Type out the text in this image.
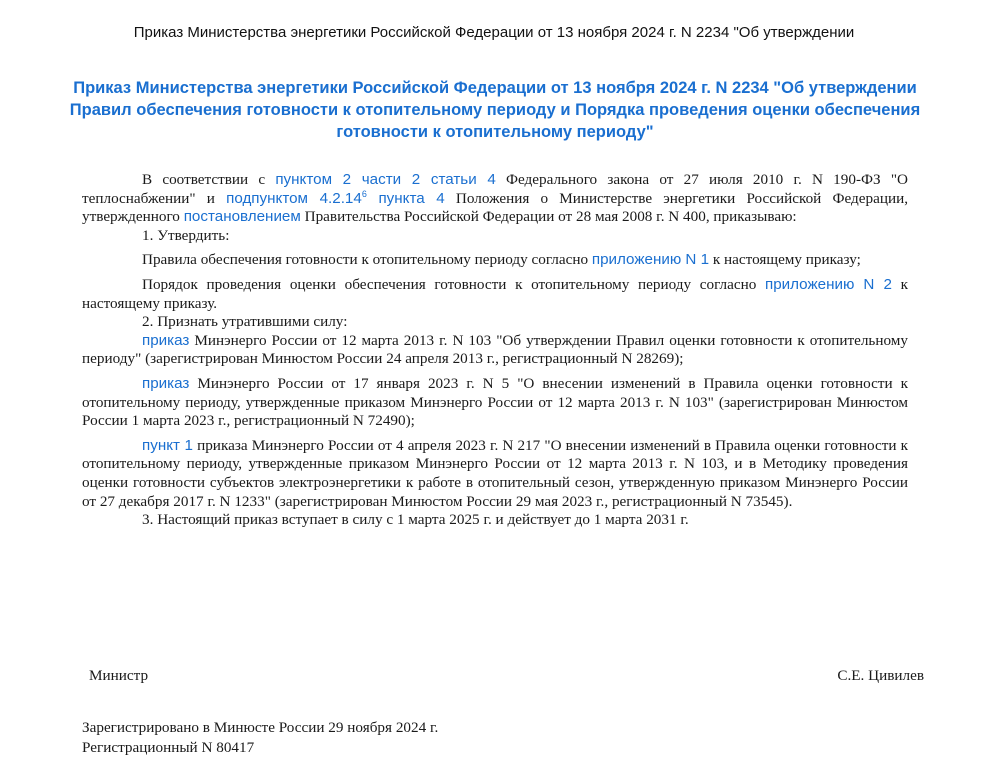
Приказ Министерства энергетики Российской Федерации от 13 ноября 2024 г. N 2234 "Об утверждении
Приказ Министерства энергетики Российской Федерации от 13 ноября 2024 г. N 2234 "Об утверждении Правил обеспечения готовности к отопительному периоду и Порядка проведения оценки обеспечения готовности к отопительному периоду"

В соответствии с пунктом 2 части 2 статьи 4 Федерального закона от 27 июля 2010 г. N 190-ФЗ "О теплоснабжении" и подпунктом 4.2.14$^6$ пункта 4 Положения о Министерстве энергетики Российской Федерации, утвержденного постановлением Правительства Российской Федерации от 28 мая 2008 г. N 400, приказываю:

1. Утвердить:

Правила обеспечения готовности к отопительному периоду согласно приложению N 1 к настоящему приказу;

Порядок проведения оценки обеспечения готовности к отопительному периоду согласно приложению N 2 к настоящему приказу.

2. Признать утратившими силу:

приказ Минэнерго России от 12 марта 2013 г. N 103 "Об утверждении Правил оценки готовности к отопительному периоду" (зарегистрирован Минюстом России 24 апреля 2013 г., регистрационный N 28269);

приказ Минэнерго России от 17 января 2023 г. N 5 "О внесении изменений в Правила оценки готовности к отопительному периоду, утвержденные приказом Минэнерго России от 12 марта 2013 г. N 103" (зарегистрирован Минюстом России 1 марта 2023 г., регистрационный N 72490);

пункт 1 приказа Минэнерго России от 4 апреля 2023 г. N 217 "О внесении изменений в Правила оценки готовности к отопительному периоду, утвержденные приказом Минэнерго России от 12 марта 2013 г. N 103, и в Методику проведения оценки готовности субъектов электроэнергетики к работе в отопительный сезон, утвержденную приказом Минэнерго России от 27 декабря 2017 г. N 1233" (зарегистрирован Минюстом России 29 мая 2023 г., регистрационный N 73545).

3. Настоящий приказ вступает в силу с 1 марта 2025 г. и действует до 1 марта 2031 г.

Министр	С.Е. Цивилев
Зарегистрировано в Минюсте России 29 ноября 2024 г.
Регистрационный N 80417
